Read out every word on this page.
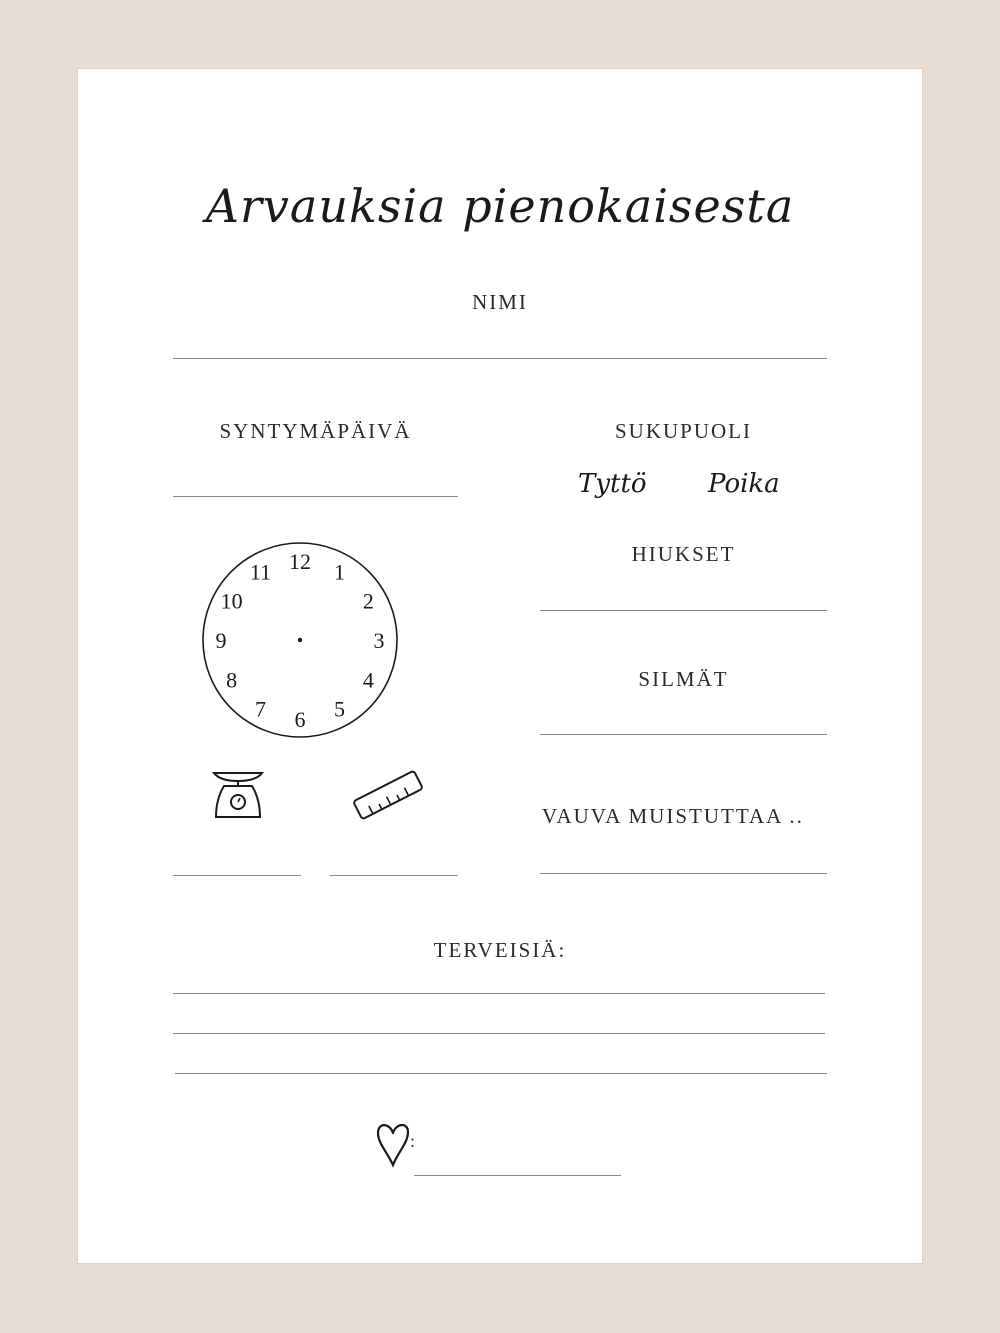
Arvauksia pienokaisesta
NIMI
SYNTYMÄPÄIVÄ	SUKUPUOLI
Tyttö Poika
HIUKSET
SILMÄT
VAUVA MUISTUTTAA ..
12 1
2
3
4
5
6
7
8
9
10
11
TERVEISIÄ:
:
